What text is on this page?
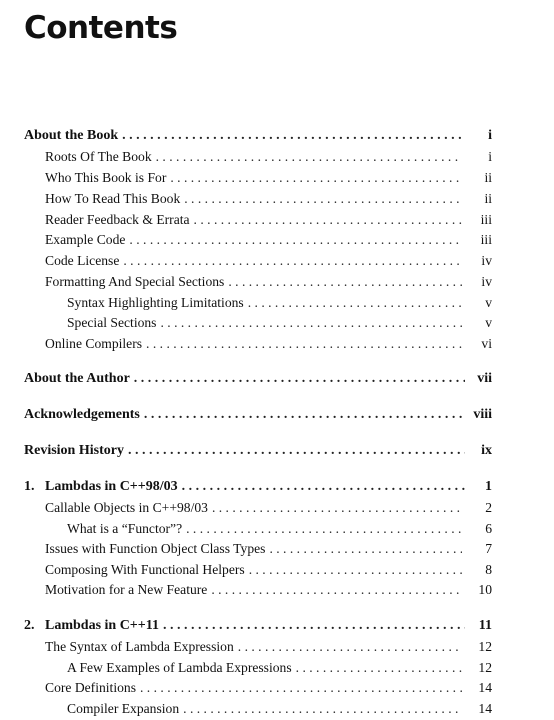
Contents
About the Book . . .	i
Roots Of The Book . . .	i
Who This Book is For . . .	ii
How To Read This Book . . .	ii
Reader Feedback & Errata . . .	iii
Example Code . . .	iii
Code License . . .	iv
Formatting And Special Sections . . .	iv
Syntax Highlighting Limitations . . .	v
Special Sections . . .	v
Online Compilers . . .	vi
About the Author . . .	vii
Acknowledgements . . .	viii
Revision History . . .	ix
1. Lambdas in C++98/03 . . .	1
Callable Objects in C++98/03 . . .	2
What is a “Functor”? . . .	6
Issues with Function Object Class Types . . .	7
Composing With Functional Helpers . . .	8
Motivation for a New Feature . . .	10
2. Lambdas in C++11 . . .	11
The Syntax of Lambda Expression . . .	12
A Few Examples of Lambda Expressions . . .	12
Core Definitions . . .	14
Compiler Expansion . . .	14
